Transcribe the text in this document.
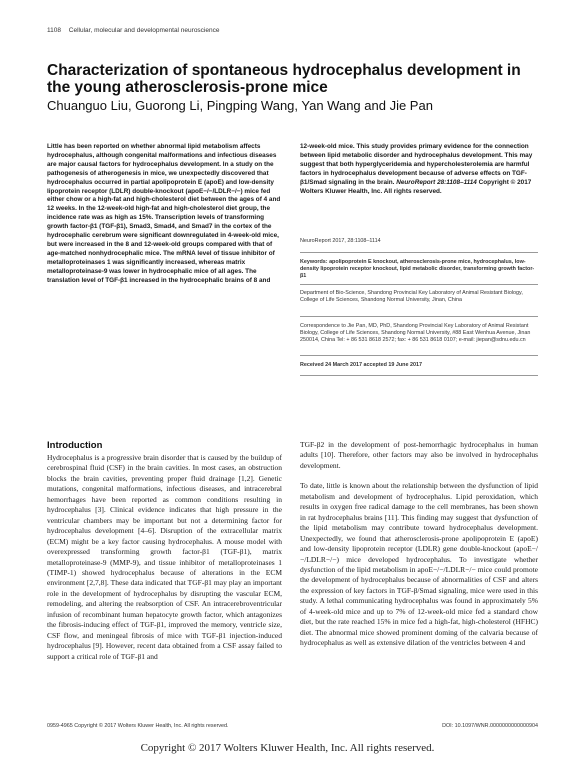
1108 Cellular, molecular and developmental neuroscience
Characterization of spontaneous hydrocephalus development in the young atherosclerosis-prone mice
Chuanguo Liu, Guorong Li, Pingping Wang, Yan Wang and Jie Pan

Little has been reported on whether abnormal lipid metabolism affects hydrocephalus, although congenital malformations and infectious diseases are major causal factors for hydrocephalus development. In a study on the pathogenesis of atherogenesis in mice, we unexpectedly discovered that hydrocephalus occurred in partial apolipoprotein E (apoE) and low-density lipoprotein receptor (LDLR) double-knockout (apoE−/−/LDLR−/−) mice fed either chow or a high-fat and high-cholesterol diet between the ages of 4 and 12 weeks. In the 12-week-old high-fat and high-cholesterol diet group, the incidence rate was as high as 15%. Transcription levels of transforming growth factor-β1 (TGF-β1), Smad3, Smad4, and Smad7 in the cortex of the hydrocephalic cerebrum were significant downregulated in 4-week-old mice, but were increased in the 8 and 12-week-old groups compared with that of age-matched nonhydrocephalic mice. The mRNA level of tissue inhibitor of metalloproteinases 1 was significantly increased, whereas matrix metalloproteinase-9 was lower in hydrocephalic mice of all ages. The translation level of TGF-β1 increased in the hydrocephalic brains of 8 and

12-week-old mice. This study provides primary evidence for the connection between lipid metabolic disorder and hydrocephalus development. This may suggest that both hyperglyceridemia and hypercholesterolemia are harmful factors in hydrocephalus development because of adverse effects on TGF-β1/Smad signaling in the brain. NeuroReport 28:1108–1114 Copyright © 2017 Wolters Kluwer Health, Inc. All rights reserved.

NeuroReport 2017, 28:1108–1114
Keywords: apolipoprotein E knockout, atherosclerosis-prone mice, hydrocephalus, low-density lipoprotein receptor knockout, lipid metabolic disorder, transforming growth factor-β1
Department of Bio-Science, Shandong Provincial Key Laboratory of Animal Resistant Biology, College of Life Sciences, Shandong Normal University, Jinan, China
Correspondence to Jie Pan, MD, PhD, Shandong Provincial Key Laboratory of Animal Resistant Biology, College of Life Sciences, Shandong Normal University, #88 East Wenhua Avenue, Jinan 250014, China Tel: + 86 531 8618 2572; fax: + 86 531 8618 0107; e-mail: jiepan@sdnu.edu.cn
Received 24 March 2017 accepted 19 June 2017
Introduction

Hydrocephalus is a progressive brain disorder that is caused by the buildup of cerebrospinal fluid (CSF) in the brain cavities. In most cases, an obstruction blocks the brain cavities, preventing proper fluid drainage [1,2]. Genetic mutations, congenital malformations, infectious diseases, and intracerebral hemorrhages have been reported as common conditions resulting in hydrocephalus [3]. Clinical evidence indicates that high pressure in the ventricular chambers may be important but not a determining factor for hydrocephalus development [4–6]. Disruption of the extracellular matrix (ECM) might be a key factor causing hydrocephalus. A mouse model with overexpressed transforming growth factor-β1 (TGF-β1), matrix metalloproteinase-9 (MMP-9), and tissue inhibitor of metalloproteinases 1 (TIMP-1) showed hydrocephalus because of alterations in the ECM environment [2,7,8]. These data indicated that TGF-β1 may play an important role in the development of hydrocephalus by disrupting the vascular ECM, remodeling, and altering the reabsorption of CSF. An intracerebroventricular infusion of recombinant human hepatocyte growth factor, which antagonizes the fibrosis-inducing effect of TGF-β1, improved the memory, ventricle size, CSF flow, and meningeal fibrosis of mice with TGF-β1 injection-induced hydrocephalus [9]. However, recent data obtained from a CSF assay failed to support a critical role of TGF-β1 and

TGF-β2 in the development of post-hemorrhagic hydrocephalus in human adults [10]. Therefore, other factors may also be involved in hydrocephalus development.

To date, little is known about the relationship between the dysfunction of lipid metabolism and development of hydrocephalus. Lipid peroxidation, which results in oxygen free radical damage to the cell membranes, has been shown in rat hydrocephalus brains [11]. This finding may suggest that dysfunction of the lipid metabolism may contribute toward hydrocephalus development. Unexpectedly, we found that atherosclerosis-prone apolipoprotein E (apoE) and low-density lipoprotein receptor (LDLR) gene double-knockout (apoE−/−/LDLR−/−) mice developed hydrocephalus. To investigate whether dysfunction of the lipid metabolism in apoE−/−/LDLR−/− mice could promote the development of hydrocephalus because of abnormalities of CSF and alters the expression of key factors in TGF-β/Smad signaling, mice were used in this study. A lethal communicating hydrocephalus was found in approximately 5% of 4-week-old mice and up to 7% of 12-week-old mice fed a standard chow diet, but the rate reached 15% in mice fed a high-fat, high-cholesterol (HFHC) diet. The abnormal mice showed prominent doming of the calvaria because of hydrocephalus as well as extensive dilation of the ventricles between 4 and

0959-4965 Copyright © 2017 Wolters Kluwer Health, Inc. All rights reserved.	DOI: 10.1097/WNR.0000000000000904
Copyright © 2017 Wolters Kluwer Health, Inc. All rights reserved.
